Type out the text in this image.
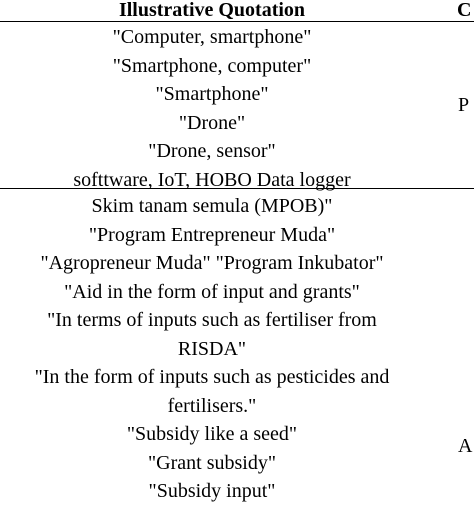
Illustrative Quotation	C
"Computer, smartphone"
"Smartphone, computer"
"Smartphone"
"Drone"
"Drone, sensor"
softtware, IoT, HOBO Data logger
P
Skim tanam semula (MPOB)"
"Program Entrepreneur Muda"
"Agropreneur Muda" "Program Inkubator"
"Aid in the form of input and grants"
"In terms of inputs such as fertiliser from
RISDA"
"In the form of inputs such as pesticides and
fertilisers."
"Subsidy like a seed"
"Grant subsidy"
"Subsidy input"
A
